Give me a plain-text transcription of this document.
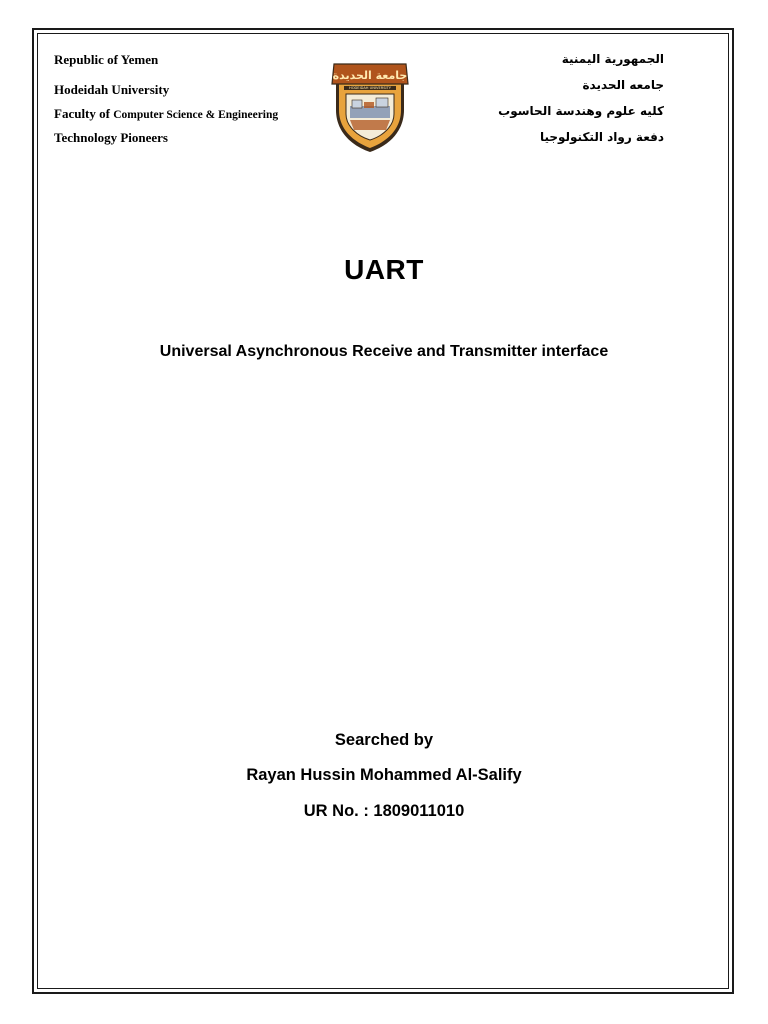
Republic of Yemen
Hodeidah University
Faculty of Computer Science & Engineering
Technology Pioneers
الجمهورية اليمنية
جامعه الحديدة
كليه علوم وهندسة الحاسوب
دفعة رواد التكنولوجيا
جامعة الحديدة
HODEIDAH UNIVERSITY
UART
Universal Asynchronous Receive and Transmitter interface
Searched by
Rayan Hussin Mohammed Al-Salify
UR No. : 1809011010
